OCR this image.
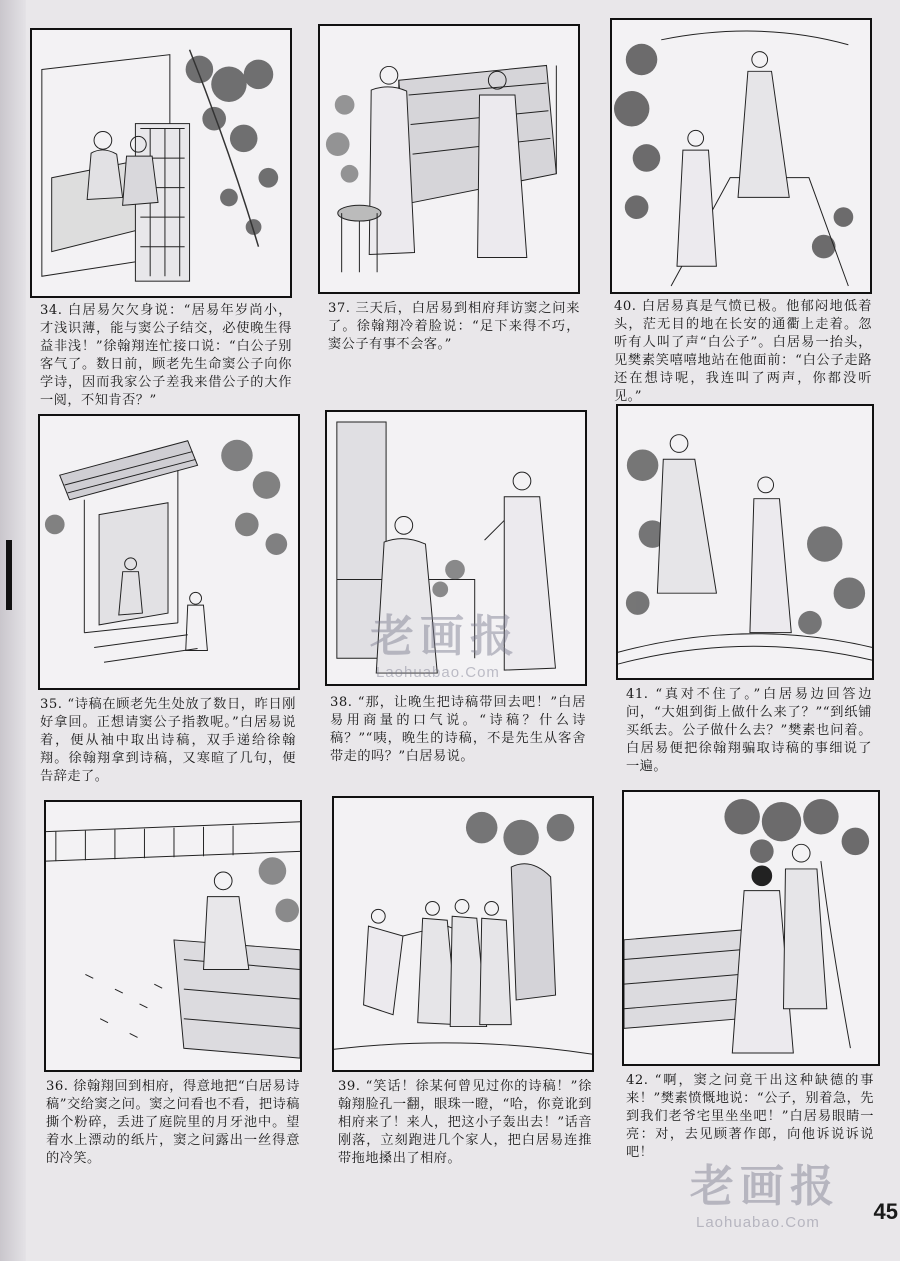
34. 白居易欠欠身说：“居易年岁尚小，才浅识薄，能与窦公子结交，必使晚生得益非浅！”徐翰翔连忙接口说：“白公子别客气了。数日前，顾老先生命窦公子向你学诗，因而我家公子差我来借公子的大作一阅，不知肯否？”
37. 三天后，白居易到相府拜访窦之问来了。徐翰翔冷着脸说：“足下来得不巧，窦公子有事不会客。”
40. 白居易真是气愤已极。他郁闷地低着头，茫无目的地在长安的通衢上走着。忽听有人叫了声“白公子”。白居易一抬头，见樊素笑嘻嘻地站在他面前：“白公子走路还在想诗呢，我连叫了两声，你都没听见。”
35. “诗稿在顾老先生处放了数日，昨日刚好拿回。正想请窦公子指教呢。”白居易说着，便从袖中取出诗稿，双手递给徐翰翔。徐翰翔拿到诗稿，又寒暄了几句，便告辞走了。
38. “那，让晚生把诗稿带回去吧！”白居易用商量的口气说。“诗稿？什么诗稿？”“咦，晚生的诗稿，不是先生从客舍带走的吗？”白居易说。
41. “真对不住了。”白居易边回答边问，“大姐到街上做什么来了？”“到纸铺买纸去。公子做什么去？”樊素也问着。白居易便把徐翰翔骗取诗稿的事细说了一遍。
36. 徐翰翔回到相府，得意地把“白居易诗稿”交给窦之问。窦之问看也不看，把诗稿撕个粉碎，丢进了庭院里的月牙池中。望着水上漂动的纸片，窦之问露出一丝得意的冷笑。
39. “笑话！徐某何曾见过你的诗稿！”徐翰翔脸孔一翻，眼珠一瞪，“哈，你竟讹到相府来了！来人，把这小子轰出去！”话音刚落，立刻跑进几个家人，把白居易连推带拖地搡出了相府。
42. “啊，窦之问竟干出这种缺德的事来！”樊素愤慨地说：“公子，别着急，先到我们老爷宅里坐坐吧！”白居易眼睛一亮：对，去见顾著作郎，向他诉说诉说吧！
老画报
Laohuabao.Com
老画报
Laohuabao.Com	45
